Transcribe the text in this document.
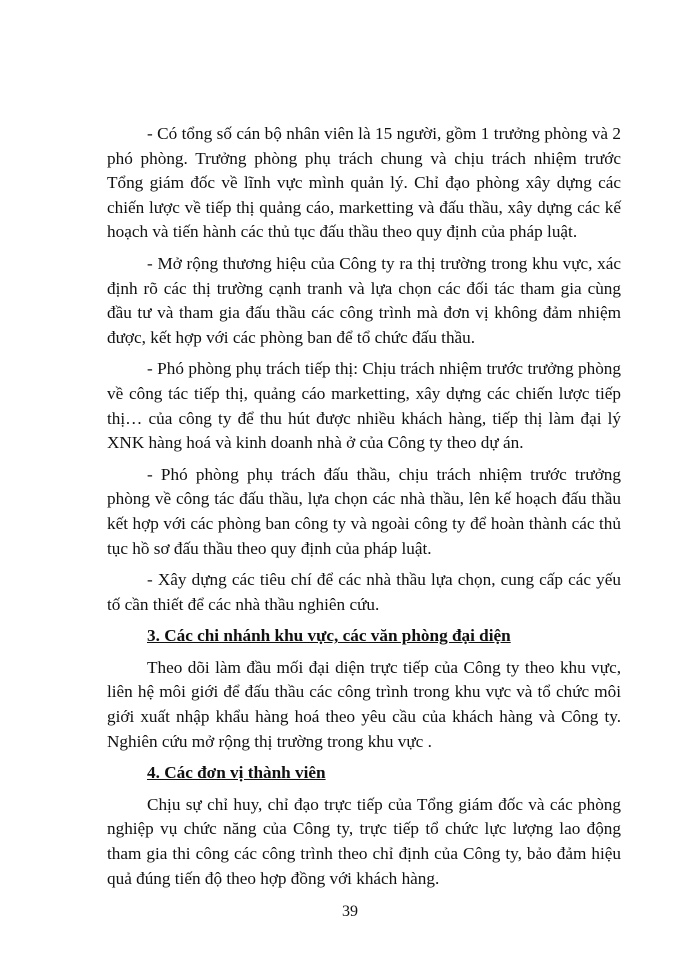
- Có tổng số cán bộ nhân viên là 15 người, gồm 1 trưởng phòng và 2 phó phòng. Trưởng phòng phụ trách chung và chịu trách nhiệm trước Tổng giám đốc về lĩnh vực mình quản lý. Chỉ đạo phòng xây dựng các chiến lược về tiếp thị quảng cáo, marketting và đấu thầu, xây dựng các kế hoạch và tiến hành các thủ tục đấu thầu theo quy định của pháp luật.

- Mở rộng thương hiệu của Công ty ra thị trường trong khu vực, xác định rõ các thị trường cạnh tranh và lựa chọn các đối tác tham gia cùng đầu tư và tham gia đấu thầu các công trình mà đơn vị không đảm nhiệm được, kết hợp với các phòng ban để tổ chức đấu thầu.

- Phó phòng phụ trách tiếp thị: Chịu trách nhiệm trước trưởng phòng về công tác tiếp thị, quảng cáo marketting, xây dựng các chiến lược tiếp thị… của công ty để thu hút được nhiều khách hàng, tiếp thị làm đại lý XNK hàng hoá và kinh doanh nhà ở của Công ty theo dự án.

- Phó phòng phụ trách đấu thầu, chịu trách nhiệm trước trưởng phòng về công tác đấu thầu, lựa chọn các nhà thầu, lên kế hoạch đấu thầu kết hợp với các phòng ban công ty và ngoài công ty để hoàn thành các thủ tục hồ sơ đấu thầu theo quy định của pháp luật.

- Xây dựng các tiêu chí để các nhà thầu lựa chọn, cung cấp các yếu tố cần thiết để các nhà thầu nghiên cứu.

3. Các chi nhánh khu vực, các văn phòng đại diện

Theo dõi làm đầu mối đại diện trực tiếp của Công ty theo khu vực, liên hệ môi giới để đấu thầu các công trình trong khu vực và tổ chức môi giới xuất nhập khẩu hàng hoá theo yêu cầu của khách hàng và Công ty. Nghiên cứu mở rộng thị trường trong khu vực .

4. Các đơn vị thành viên

Chịu sự chỉ huy, chỉ đạo trực tiếp của Tổng giám đốc và các phòng nghiệp vụ chức năng của Công ty, trực tiếp tổ chức lực lượng lao động tham gia thi công các công trình theo chỉ định của Công ty, bảo đảm hiệu quả đúng tiến độ theo hợp đồng với khách hàng.

39
